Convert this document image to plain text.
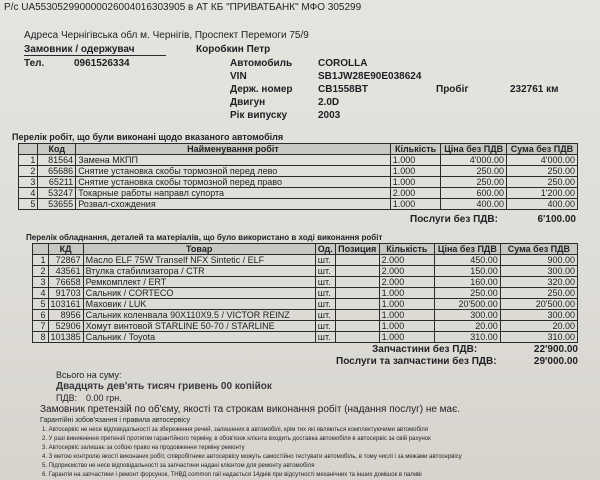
Р/с UA553052990000026004016303905 в АТ КБ "ПРИВАТБАНК" МФО 305299
Адреса Чернігівська обл м. Чернігів, Проспект Перемоги 75/9
Замовник / одержувач	Коробкин Петр
Тел.	0961526334	Автомобиль	COROLLA
VIN	SB1JW28E90E038624
Держ. номер	CB1558BT	Пробіг	232761 км
Двигун	2.0D
Рік випуску	2003
Перелік робіт, що були виконані щодо вказаного автомобіля
	Код	Найменування робіт	Кількість	Ціна без ПДВ	Сума без ПДВ
1	81564	Замена МКПП	1.000	4'000.00	4'000.00
2	65686	Снятие установка скобы тормозной перед лево	1.000	250.00	250.00
3	65211	Снятие установка скобы тормозной перед право	1.000	250.00	250.00
4	53247	Токарные работы направл супорта	2.000	600.00	1'200.00
5	53655	Розвал-схождения	1.000	400.00	400.00
Послуги без ПДВ:	6'100.00
Перелік обладнання, деталей та матеріалів, що було використано в ході виконання робіт
	КД	Товар	Од.	Позиция	Кількість	Ціна без ПДВ	Сума без ПДВ
1	72867	Масло ELF 75W Tranself NFX Sintetic / ELF	шт.		2.000	450.00	900.00
2	43561	Втулка стабилизатора / CTR	шт.		2.000	150.00	300.00
3	76658	Ремкомплект / ERT	шт.		2.000	160.00	320.00
4	91703	Сальник / CORTECO	шт.		1.000	250.00	250.00
5	103161	Маховик / LUK	шт.		1.000	20'500.00	20'500.00
6	8956	Сальник коленвала 90X110X9.5 / VICTOR REINZ	шт.		1.000	300.00	300.00
7	52906	Хомут винтовой STARLINE 50-70 / STARLINE	шт.		1.000	20.00	20.00
8	101385	Сальник / Toyota	шт.		1.000	310.00	310.00
Запчастини без ПДВ:	22'900.00
Послуги та запчастини без ПДВ:	29'000.00
Всього на суму:
Двадцять дев'ять тисяч гривень 00 копійок
ПДВ: 0.00 грн.
Замовник претензій по об'єму, якості та строкам виконання робіт (надання послуг) не має.
Гарантійні зобов'язання і правила автосервісу
1. Автосервіс не несе відповідальності за збереження речей, залишених в автомобілі, крім тих які являються комплектуючими автомобіля
2. У разі виникнення претензії протягом гарантійного терміну, в обов'язок клієнта входить доставка автомобіля в автосервіс за свій рахунок
3. Автосервіс залишає за собою право на продовження терміну ремонту
4. З метою контролю якості виконаних робіт, співробітники автосервісу можуть самостійно тестувати автомобіль, в тому числі і за межами автосервісу
5. Підприємство не несе відповідальності за запчастини надані клієнтом для ремонту автомобіля
6. Гарантія на запчастини і ремонт форсунок, ТНВД common rail надається 14днів при відсутності механічних та інших домішок в паливі
